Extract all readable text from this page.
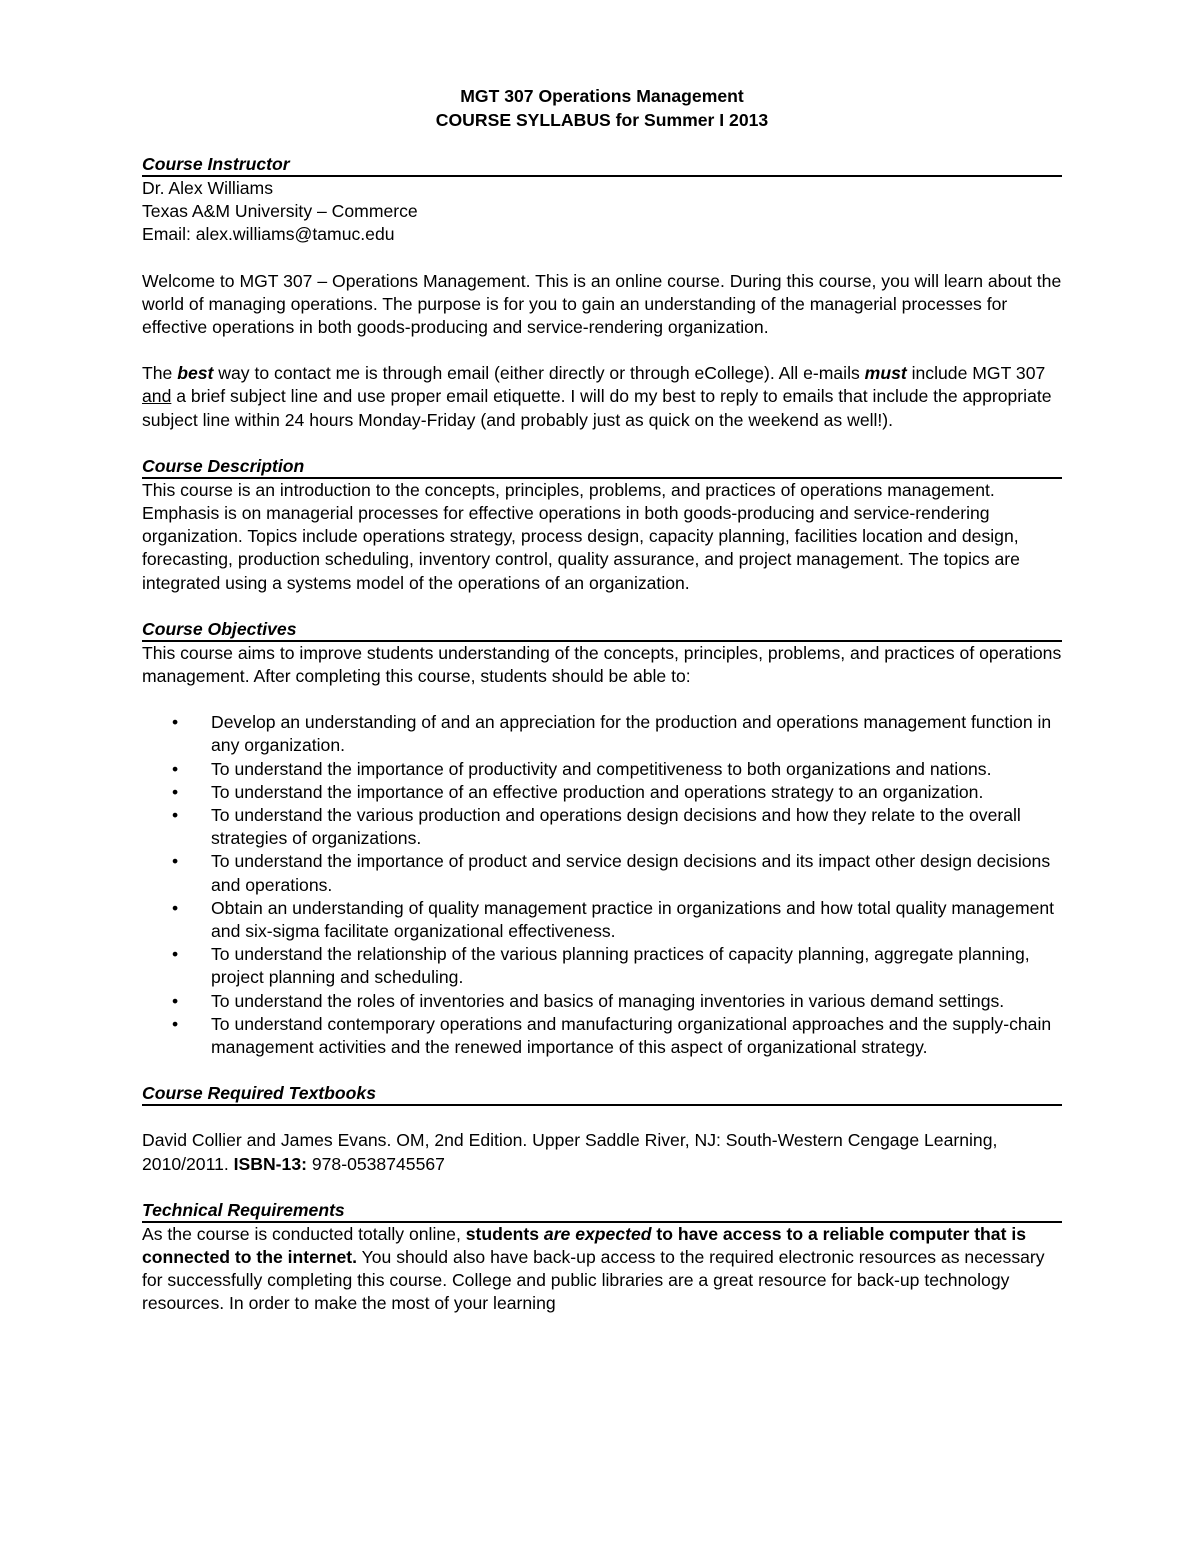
MGT 307 Operations Management
COURSE SYLLABUS for Summer I 2013
Course Instructor

Dr. Alex Williams

Texas A&M University – Commerce

Email: alex.williams@tamuc.edu

Welcome to MGT 307 – Operations Management. This is an online course. During this course, you will learn about the world of managing operations. The purpose is for you to gain an understanding of the managerial processes for effective operations in both goods-producing and service-rendering organization.

The best way to contact me is through email (either directly or through eCollege). All e-mails must include MGT 307 and a brief subject line and use proper email etiquette. I will do my best to reply to emails that include the appropriate subject line within 24 hours Monday-Friday (and probably just as quick on the weekend as well!).

Course Description

This course is an introduction to the concepts, principles, problems, and practices of operations management. Emphasis is on managerial processes for effective operations in both goods-producing and service-rendering organization. Topics include operations strategy, process design, capacity planning, facilities location and design, forecasting, production scheduling, inventory control, quality assurance, and project management. The topics are integrated using a systems model of the operations of an organization.

Course Objectives

This course aims to improve students understanding of the concepts, principles, problems, and practices of operations management. After completing this course, students should be able to:

• Develop an understanding of and an appreciation for the production and operations management function in any organization.
• To understand the importance of productivity and competitiveness to both organizations and nations.
• To understand the importance of an effective production and operations strategy to an organization.
• To understand the various production and operations design decisions and how they relate to the overall strategies of organizations.
• To understand the importance of product and service design decisions and its impact other design decisions and operations.
• Obtain an understanding of quality management practice in organizations and how total quality management and six-sigma facilitate organizational effectiveness.
• To understand the relationship of the various planning practices of capacity planning, aggregate planning, project planning and scheduling.
• To understand the roles of inventories and basics of managing inventories in various demand settings.
• To understand contemporary operations and manufacturing organizational approaches and the supply-chain management activities and the renewed importance of this aspect of organizational strategy.
Course Required Textbooks

David Collier and James Evans. OM, 2nd Edition. Upper Saddle River, NJ: South-Western Cengage Learning, 2010/2011. ISBN-13: 978-0538745567

Technical Requirements

As the course is conducted totally online, students are expected to have access to a reliable computer that is connected to the internet. You should also have back-up access to the required electronic resources as necessary for successfully completing this course. College and public libraries are a great resource for back-up technology resources. In order to make the most of your learning
